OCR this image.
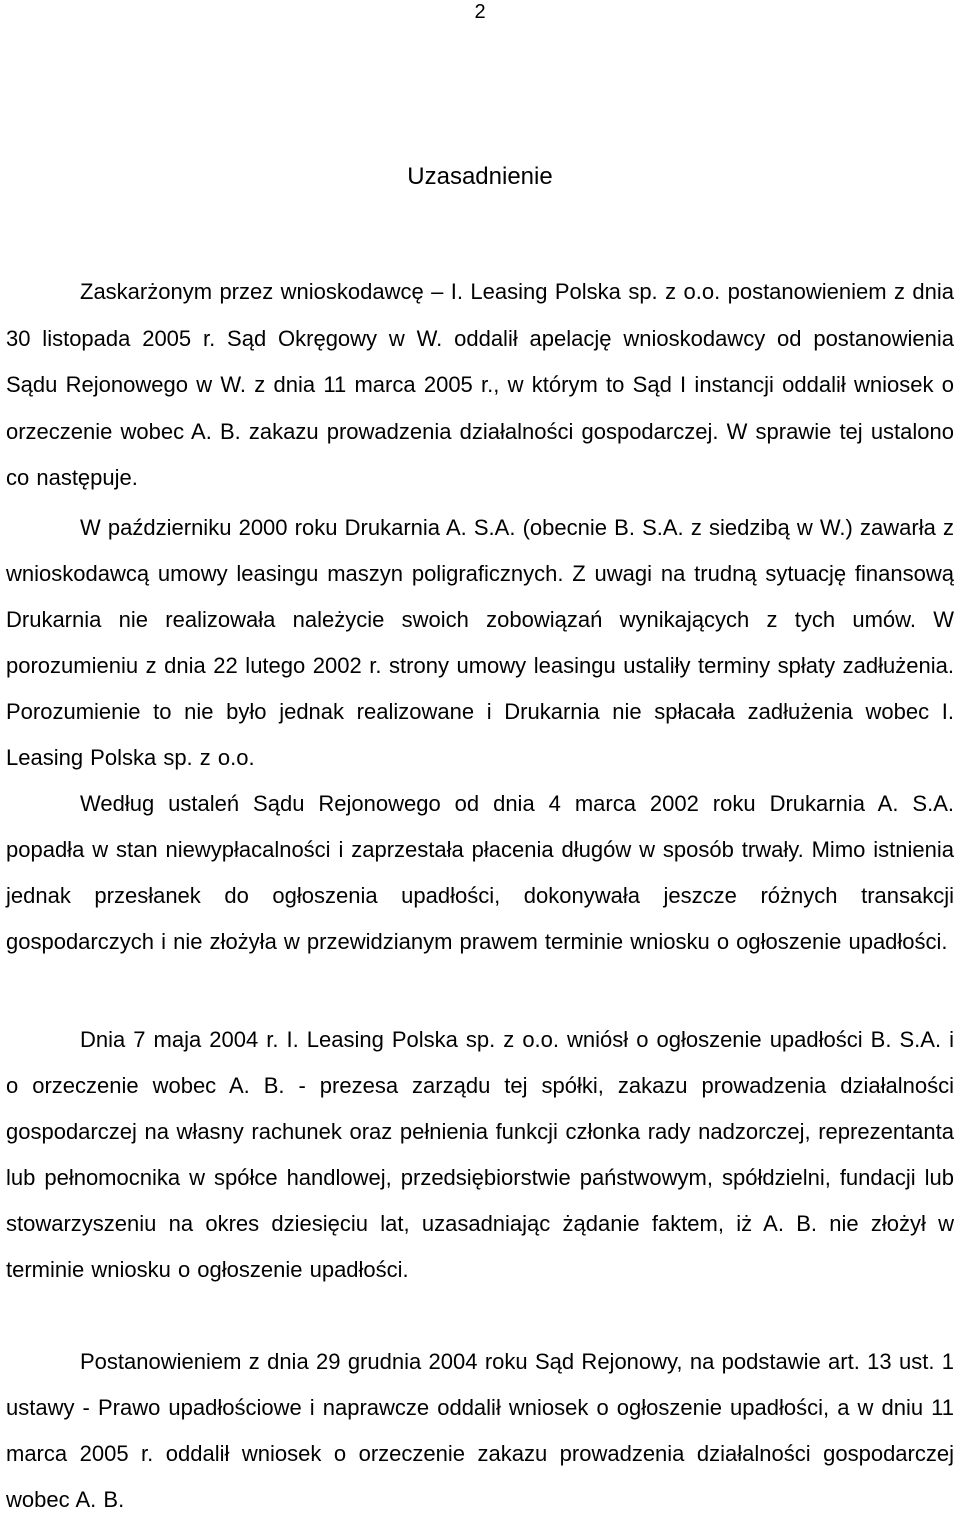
2
Uzasadnienie

Zaskarżonym przez wnioskodawcę – I. Leasing Polska sp. z o.o. postanowieniem z dnia 30 listopada 2005 r. Sąd Okręgowy w W. oddalił apelację wnioskodawcy od postanowienia Sądu Rejonowego w W. z dnia 11 marca 2005 r., w którym to Sąd I instancji oddalił wniosek o orzeczenie wobec A. B. zakazu prowadzenia działalności gospodarczej. W sprawie tej ustalono co następuje.

W październiku 2000 roku Drukarnia A. S.A. (obecnie B. S.A. z siedzibą w W.) zawarła z wnioskodawcą umowy leasingu maszyn poligraficznych. Z uwagi na trudną sytuację finansową Drukarnia nie realizowała należycie swoich zobowiązań wynikających z tych umów. W porozumieniu z dnia 22 lutego 2002 r. strony umowy leasingu ustaliły terminy spłaty zadłużenia. Porozumienie to nie było jednak realizowane i Drukarnia nie spłacała zadłużenia wobec I. Leasing Polska sp. z o.o.

Według ustaleń Sądu Rejonowego od dnia 4 marca 2002 roku Drukarnia A. S.A. popadła w stan niewypłacalności i zaprzestała płacenia długów w sposób trwały. Mimo istnienia jednak przesłanek do ogłoszenia upadłości, dokonywała jeszcze różnych transakcji gospodarczych i nie złożyła w przewidzianym prawem terminie wniosku o ogłoszenie upadłości.

Dnia 7 maja 2004 r. I. Leasing Polska sp. z o.o. wniósł o ogłoszenie upadłości B. S.A. i o orzeczenie wobec A. B. - prezesa zarządu tej spółki, zakazu prowadzenia działalności gospodarczej na własny rachunek oraz pełnienia funkcji członka rady nadzorczej, reprezentanta lub pełnomocnika w spółce handlowej, przedsiębiorstwie państwowym, spółdzielni, fundacji lub stowarzyszeniu na okres dziesięciu lat, uzasadniając żądanie faktem, iż A. B. nie złożył w terminie wniosku o ogłoszenie upadłości.

Postanowieniem z dnia 29 grudnia 2004 roku Sąd Rejonowy, na podstawie art. 13 ust. 1 ustawy - Prawo upadłościowe i naprawcze oddalił wniosek o ogłoszenie upadłości, a w dniu 11 marca 2005 r. oddalił wniosek o orzeczenie zakazu prowadzenia działalności gospodarczej wobec A. B.
